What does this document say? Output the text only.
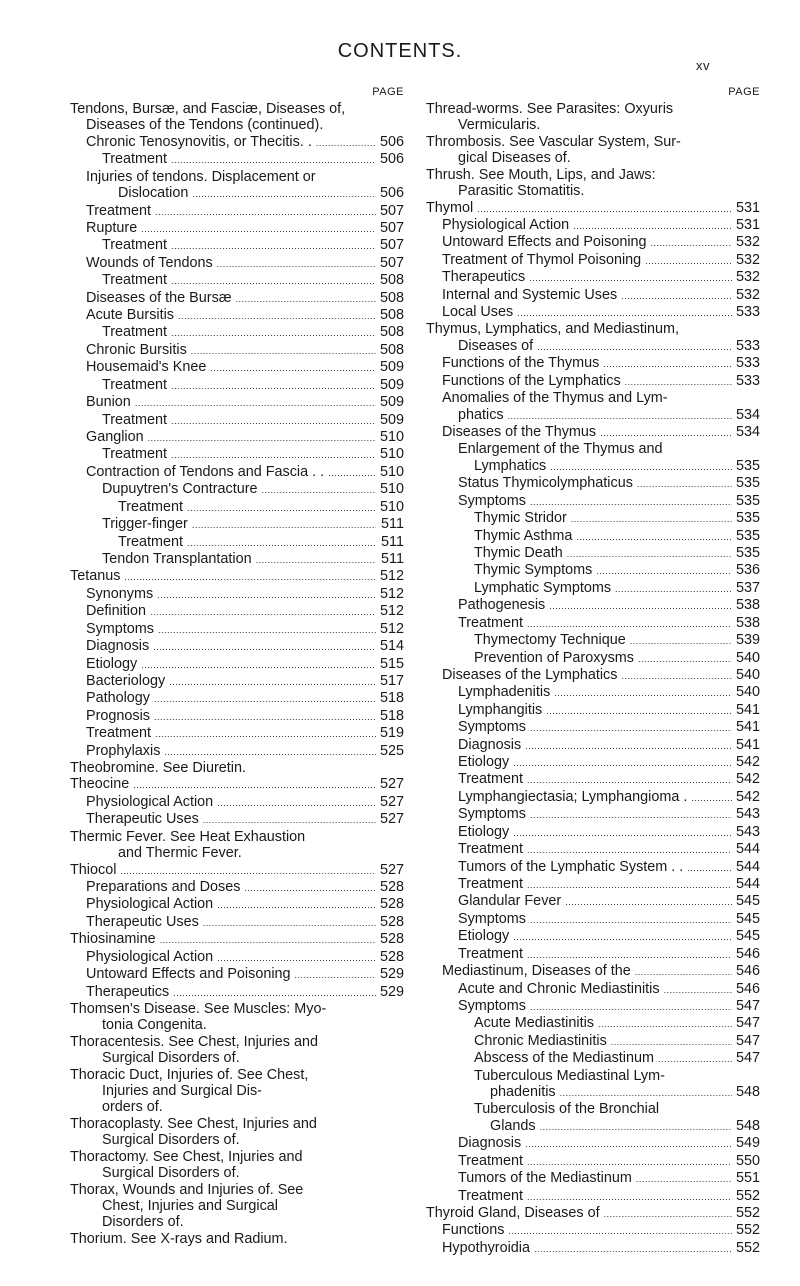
CONTENTS.
xv
PAGE
Tendons, Bursæ, and Fasciæ, Diseases of,
Diseases of the Tendons (continued).
Chronic Tenosynovitis, or Thecitis. . . . .	506
Treatment . . .	506
Injuries of tendons. Displacement or
Dislocation . . .	506
Treatment . . .	507
Rupture . . .	507
Treatment . . .	507
Wounds of Tendons . . .	507
Treatment . . .	508
Diseases of the Bursæ . . .	508
Acute Bursitis . . .	508
Treatment . . .	508
Chronic Bursitis . . .	508
Housemaid's Knee . . .	509
Treatment . . .	509
Bunion . . .	509
Treatment . . .	509
Ganglion . . .	510
Treatment . . .	510
Contraction of Tendons and Fascia . . . . .	510
Dupuytren's Contracture . . .	510
Treatment . . .	510
Trigger-finger . . .	511
Treatment . . .	511
Tendon Transplantation . . .	511
Tetanus . . .	512
Synonyms . . .	512
Definition . . .	512
Symptoms . . .	512
Diagnosis . . .	514
Etiology . . .	515
Bacteriology . . .	517
Pathology . . .	518
Prognosis . . .	518
Treatment . . .	519
Prophylaxis . . .	525
Theobromine. See Diuretin.
Theocine . . .	527
Physiological Action . . .	527
Therapeutic Uses . . .	527
Thermic Fever. See Heat Exhaustion
and Thermic Fever.
Thiocol . . .	527
Preparations and Doses . . .	528
Physiological Action . . .	528
Therapeutic Uses . . .	528
Thiosinamine . . .	528
Physiological Action . . .	528
Untoward Effects and Poisoning . . .	529
Therapeutics . . .	529
Thomsen's Disease. See Muscles: Myo-
tonia Congenita.
Thoracentesis. See Chest, Injuries and
Surgical Disorders of.
Thoracic Duct, Injuries of. See Chest,
Injuries and Surgical Dis-
orders of.
Thoracoplasty. See Chest, Injuries and
Surgical Disorders of.
Thoractomy. See Chest, Injuries and
Surgical Disorders of.
Thorax, Wounds and Injuries of. See
Chest, Injuries and Surgical
Disorders of.
Thorium. See X-rays and Radium.
PAGE
Thread-worms. See Parasites: Oxyuris
Vermicularis.
Thrombosis. See Vascular System, Sur-
gical Diseases of.
Thrush. See Mouth, Lips, and Jaws:
Parasitic Stomatitis.
Thymol . . .	531
Physiological Action . . .	531
Untoward Effects and Poisoning . . .	532
Treatment of Thymol Poisoning . . .	532
Therapeutics . . .	532
Internal and Systemic Uses . . .	532
Local Uses . . .	533
Thymus, Lymphatics, and Mediastinum,
Diseases of . . .	533
Functions of the Thymus . . .	533
Functions of the Lymphatics . . .	533
Anomalies of the Thymus and Lym-
phatics . . .	534
Diseases of the Thymus . . .	534
Enlargement of the Thymus and
Lymphatics . . .	535
Status Thymicolymphaticus . . .	535
Symptoms . . .	535
Thymic Stridor . . .	535
Thymic Asthma . . .	535
Thymic Death . . .	535
Thymic Symptoms . . .	536
Lymphatic Symptoms . . .	537
Pathogenesis . . .	538
Treatment . . .	538
Thymectomy Technique . . .	539
Prevention of Paroxysms . . .	540
Diseases of the Lymphatics . . .	540
Lymphadenitis . . .	540
Lymphangitis . . .	541
Symptoms . . .	541
Diagnosis . . .	541
Etiology . . .	542
Treatment . . .	542
Lymphangiectasia; Lymphangioma . . . .	542
Symptoms . . .	543
Etiology . . .	543
Treatment . . .	544
Tumors of the Lymphatic System . . . . .	544
Treatment . . .	544
Glandular Fever . . .	545
Symptoms . . .	545
Etiology . . .	545
Treatment . . .	546
Mediastinum, Diseases of the . . .	546
Acute and Chronic Mediastinitis . . .	546
Symptoms . . .	547
Acute Mediastinitis . . .	547
Chronic Mediastinitis . . .	547
Abscess of the Mediastinum . . .	547
Tuberculous Mediastinal Lym-
phadenitis . . .	548
Tuberculosis of the Bronchial
Glands . . .	548
Diagnosis . . .	549
Treatment . . .	550
Tumors of the Mediastinum . . .	551
Treatment . . .	552
Thyroid Gland, Diseases of . . .	552
Functions . . .	552
Hypothyroidia . . .	552
